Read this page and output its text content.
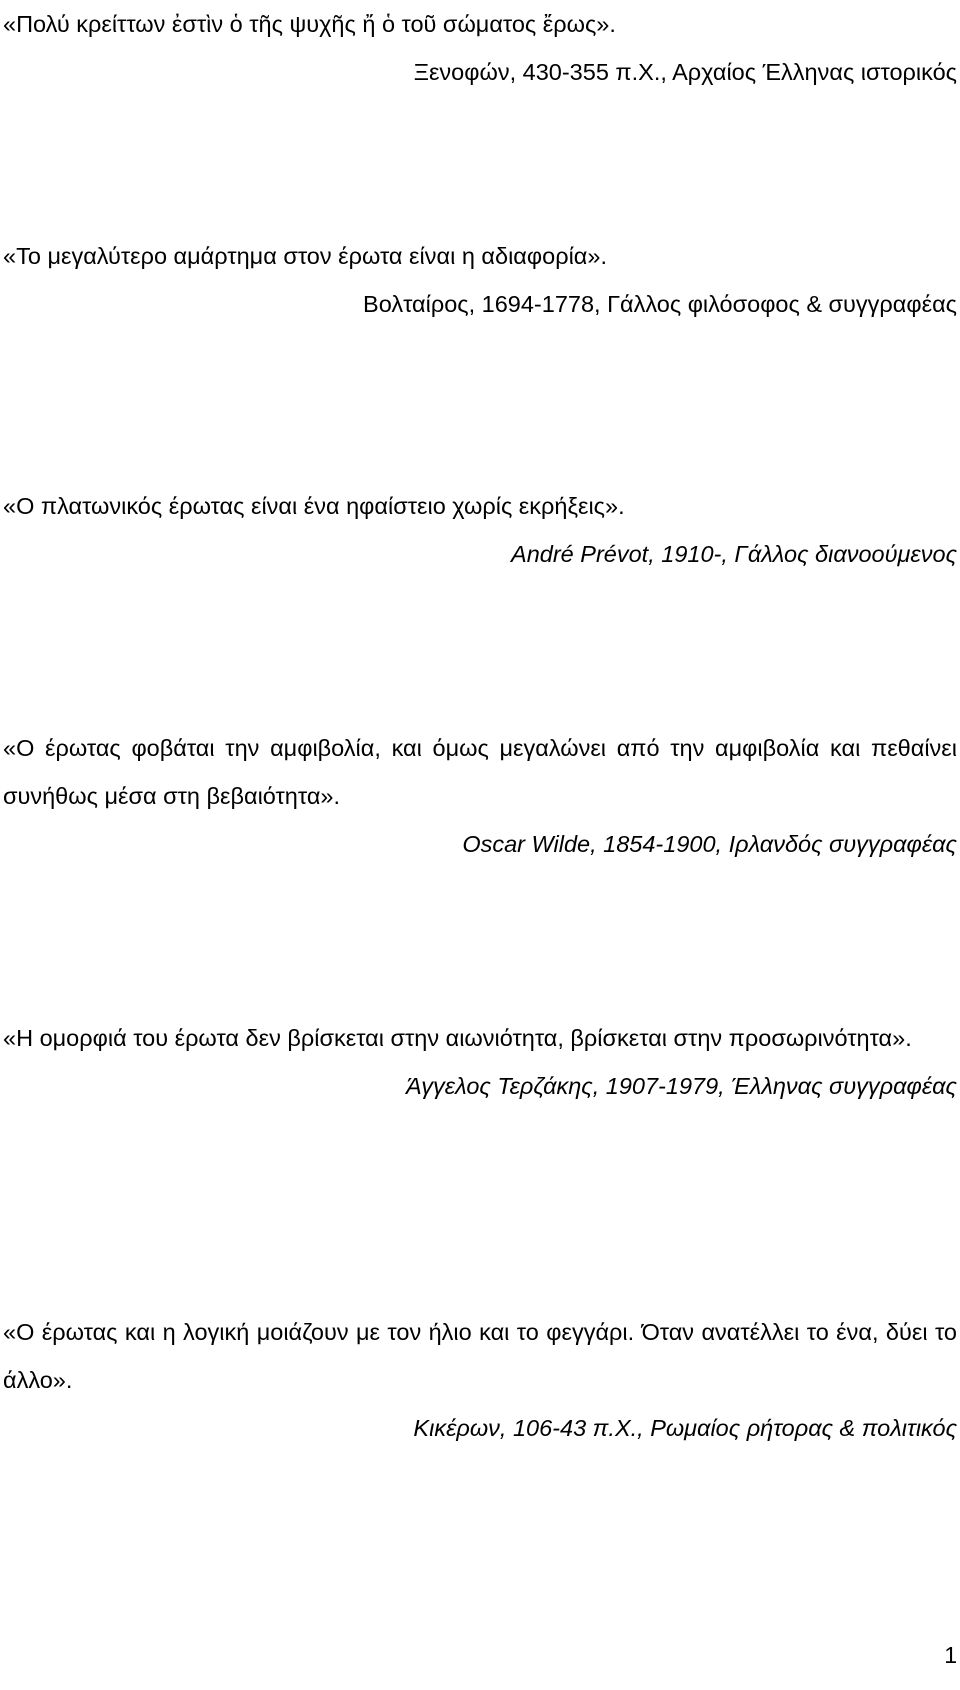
«Πολύ κρείττων ἐστὶν ὁ τῆς ψυχῆς ἤ ὁ τοῦ σώματος ἔρως».

Ξενοφών, 430-355 π.Χ., Αρχαίος Έλληνας ιστορικός

«Το μεγαλύτερο αμάρτημα στον έρωτα είναι η αδιαφορία».

Βολταίρος, 1694-1778, Γάλλος φιλόσοφος & συγγραφέας

«Ο πλατωνικός έρωτας είναι ένα ηφαίστειο χωρίς εκρήξεις».

André Prévot, 1910-, Γάλλος διανοούμενος

«Ο έρωτας φοβάται την αμφιβολία, και όμως μεγαλώνει από την αμφιβολία και πεθαίνει συνήθως μέσα στη βεβαιότητα».

Oscar Wilde, 1854-1900, Ιρλανδός συγγραφέας

«Η ομορφιά του έρωτα δεν βρίσκεται στην αιωνιότητα, βρίσκεται στην προσωρινότητα».

Άγγελος Τερζάκης, 1907-1979, Έλληνας συγγραφέας

«Ο έρωτας και η λογική μοιάζουν με τον ήλιο και το φεγγάρι. Όταν ανατέλλει το ένα, δύει το άλλο».

Κικέρων, 106-43 π.Χ., Ρωμαίος ρήτορας & πολιτικός

1
